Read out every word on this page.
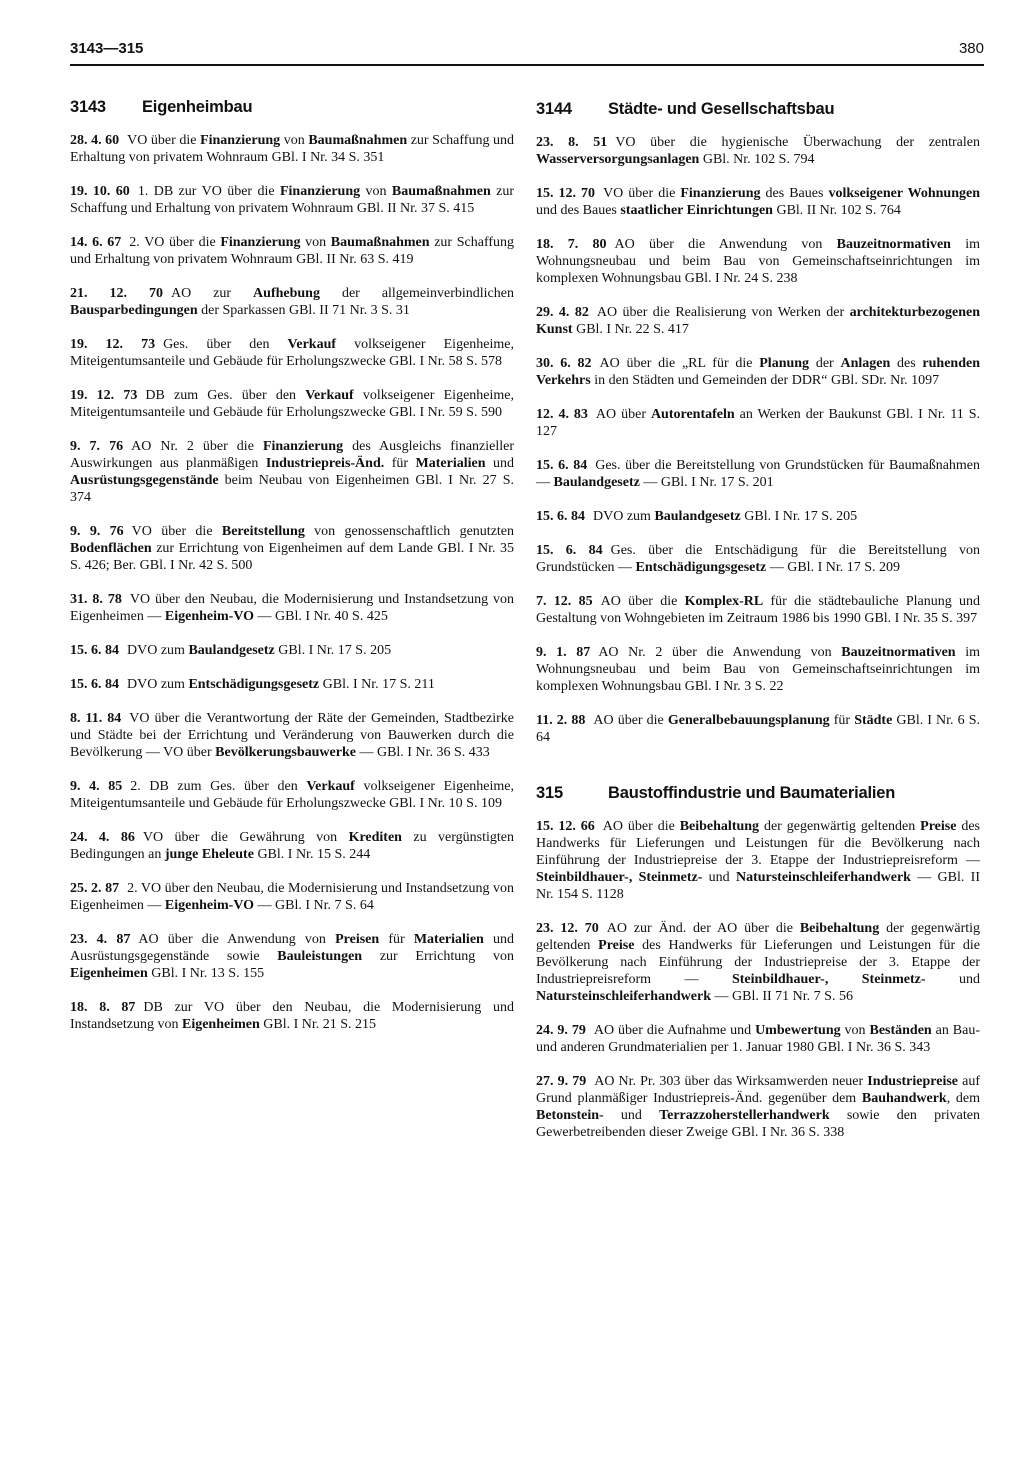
3143—315	380
3143 Eigenheimbau
28. 4. 60 VO über die Finanzierung von Baumaßnahmen zur Schaffung und Erhaltung von privatem Wohnraum GBl. I Nr. 34 S. 351
19. 10. 60 1. DB zur VO über die Finanzierung von Baumaßnahmen zur Schaffung und Erhaltung von privatem Wohnraum GBl. II Nr. 37 S. 415
14. 6. 67 2. VO über die Finanzierung von Baumaßnahmen zur Schaffung und Erhaltung von privatem Wohnraum GBl. II Nr. 63 S. 419
21. 12. 70 AO zur Aufhebung der allgemeinverbindlichen Bausparbedingungen der Sparkassen GBl. II 71 Nr. 3 S. 31
19. 12. 73 Ges. über den Verkauf volkseigener Eigenheime, Miteigentumsanteile und Gebäude für Erholungszwecke GBl. I Nr. 58 S. 578
19. 12. 73 DB zum Ges. über den Verkauf volkseigener Eigenheime, Miteigentumsanteile und Gebäude für Erholungszwecke GBl. I Nr. 59 S. 590
9. 7. 76 AO Nr. 2 über die Finanzierung des Ausgleichs finanzieller Auswirkungen aus planmäßigen Industriepreis-Änd. für Materialien und Ausrüstungsgegenstände beim Neubau von Eigenheimen GBl. I Nr. 27 S. 374
9. 9. 76 VO über die Bereitstellung von genossenschaftlich genutzten Bodenflächen zur Errichtung von Eigenheimen auf dem Lande GBl. I Nr. 35 S. 426; Ber. GBl. I Nr. 42 S. 500
31. 8. 78 VO über den Neubau, die Modernisierung und Instandsetzung von Eigenheimen — Eigenheim-VO — GBl. I Nr. 40 S. 425
15. 6. 84 DVO zum Baulandgesetz GBl. I Nr. 17 S. 205
15. 6. 84 DVO zum Entschädigungsgesetz GBl. I Nr. 17 S. 211
8. 11. 84 VO über die Verantwortung der Räte der Gemeinden, Stadtbezirke und Städte bei der Errichtung und Veränderung von Bauwerken durch die Bevölkerung — VO über Bevölkerungsbauwerke — GBl. I Nr. 36 S. 433
9. 4. 85 2. DB zum Ges. über den Verkauf volkseigener Eigenheime, Miteigentumsanteile und Gebäude für Erholungszwecke GBl. I Nr. 10 S. 109
24. 4. 86 VO über die Gewährung von Krediten zu vergünstigten Bedingungen an junge Eheleute GBl. I Nr. 15 S. 244
25. 2. 87 2. VO über den Neubau, die Modernisierung und Instandsetzung von Eigenheimen — Eigenheim-VO — GBl. I Nr. 7 S. 64
23. 4. 87 AO über die Anwendung von Preisen für Materialien und Ausrüstungsgegenstände sowie Bauleistungen zur Errichtung von Eigenheimen GBl. I Nr. 13 S. 155
18. 8. 87 DB zur VO über den Neubau, die Modernisierung und Instandsetzung von Eigenheimen GBl. I Nr. 21 S. 215
3144 Städte- und Gesellschaftsbau
23. 8. 51 VO über die hygienische Überwachung der zentralen Wasserversorgungsanlagen GBl. Nr. 102 S. 794
15. 12. 70 VO über die Finanzierung des Baues volkseigener Wohnungen und des Baues staatlicher Einrichtungen GBl. II Nr. 102 S. 764
18. 7. 80 AO über die Anwendung von Bauzeitnormativen im Wohnungsneubau und beim Bau von Gemeinschaftseinrichtungen im komplexen Wohnungsbau GBl. I Nr. 24 S. 238
29. 4. 82 AO über die Realisierung von Werken der architekturbezogenen Kunst GBl. I Nr. 22 S. 417
30. 6. 82 AO über die „RL für die Planung der Anlagen des ruhenden Verkehrs in den Städten und Gemeinden der DDR“ GBl. SDr. Nr. 1097
12. 4. 83 AO über Autorentafeln an Werken der Baukunst GBl. I Nr. 11 S. 127
15. 6. 84 Ges. über die Bereitstellung von Grundstücken für Baumaßnahmen — Baulandgesetz — GBl. I Nr. 17 S. 201
15. 6. 84 DVO zum Baulandgesetz GBl. I Nr. 17 S. 205
15. 6. 84 Ges. über die Entschädigung für die Bereitstellung von Grundstücken — Entschädigungsgesetz — GBl. I Nr. 17 S. 209
7. 12. 85 AO über die Komplex-RL für die städtebauliche Planung und Gestaltung von Wohngebieten im Zeitraum 1986 bis 1990 GBl. I Nr. 35 S. 397
9. 1. 87 AO Nr. 2 über die Anwendung von Bauzeitnormativen im Wohnungsneubau und beim Bau von Gemeinschaftseinrichtungen im komplexen Wohnungsbau GBl. I Nr. 3 S. 22
11. 2. 88 AO über die Generalbebauungsplanung für Städte GBl. I Nr. 6 S. 64
315	Baustoffindustrie und Baumaterialien
15. 12. 66 AO über die Beibehaltung der gegenwärtig geltenden Preise des Handwerks für Lieferungen und Leistungen für die Bevölkerung nach Einführung der Industriepreise der 3. Etappe der Industriepreisreform — Steinbildhauer-, Steinmetz- und Natursteinschleiferhandwerk — GBl. II Nr. 154 S. 1128
23. 12. 70 AO zur Änd. der AO über die Beibehaltung der gegenwärtig geltenden Preise des Handwerks für Lieferungen und Leistungen für die Bevölkerung nach Einführung der Industriepreise der 3. Etappe der Industriepreisreform — Steinbildhauer-, Steinmetz- und Natursteinschleiferhandwerk — GBl. II 71 Nr. 7 S. 56
24. 9. 79 AO über die Aufnahme und Umbewertung von Beständen an Bau- und anderen Grundmaterialien per 1. Januar 1980 GBl. I Nr. 36 S. 343
27. 9. 79 AO Nr. Pr. 303 über das Wirksamwerden neuer Industriepreise auf Grund planmäßiger Industriepreis-Änd. gegenüber dem Bauhandwerk, dem Betonstein- und Terrazzoherstellerhandwerk sowie den privaten Gewerbetreibenden dieser Zweige GBl. I Nr. 36 S. 338
